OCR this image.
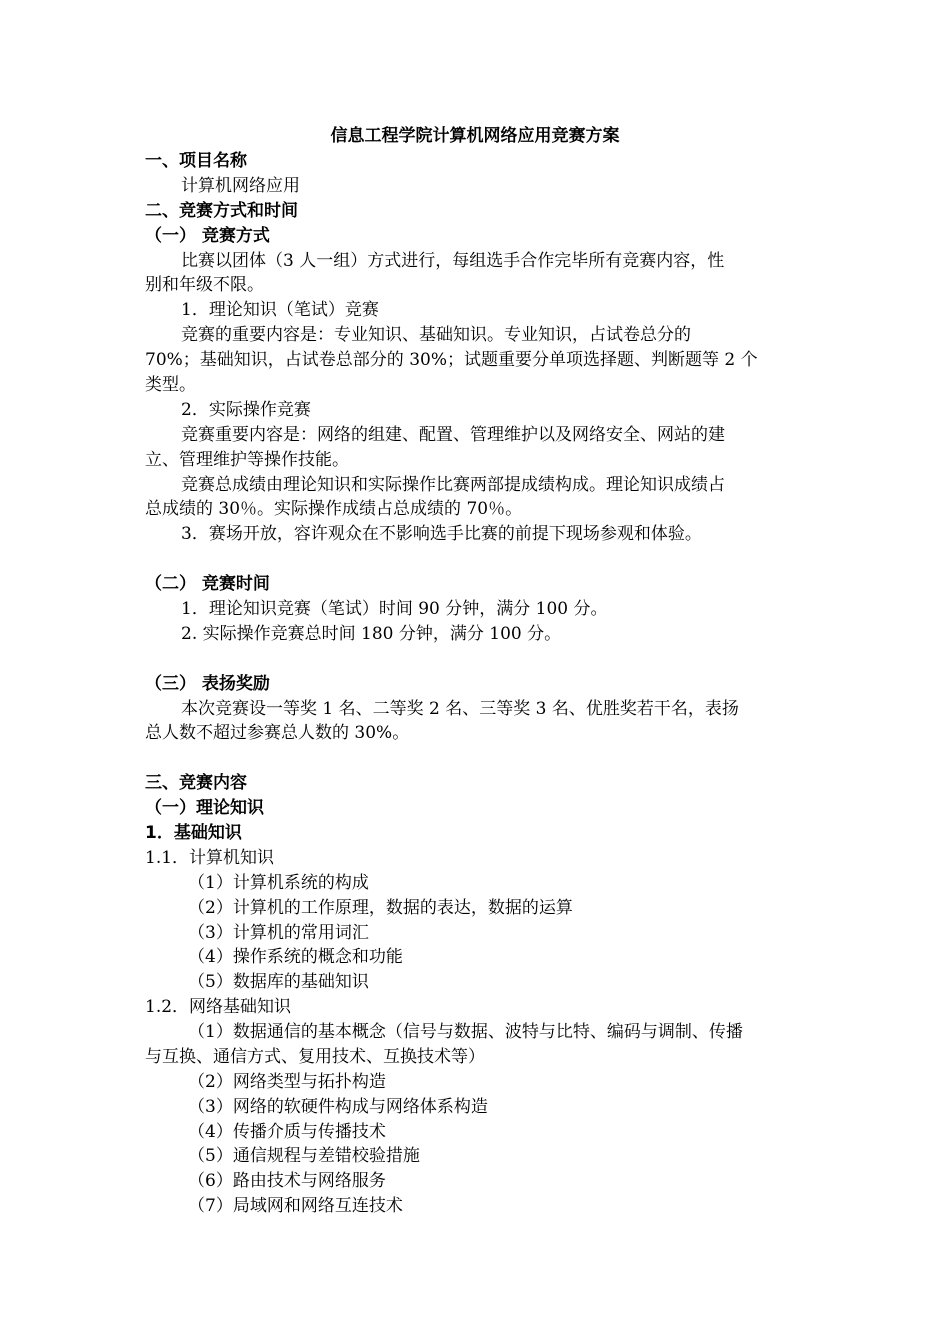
信息工程学院计算机网络应用竞赛方案
一、项目名称
计算机网络应用
二、竞赛方式和时间
（一） 竞赛方式
比赛以团体（3 人一组）方式进行，每组选手合作完毕所有竞赛内容，性
别和年级不限。
1．理论知识（笔试）竞赛
竞赛的重要内容是：专业知识、基础知识。专业知识，占试卷总分的
70%；基础知识，占试卷总部分的 30%；试题重要分单项选择题、判断题等 2 个
类型。
2．实际操作竞赛
竞赛重要内容是：网络的组建、配置、管理维护以及网络安全、网站的建
立、管理维护等操作技能。
竞赛总成绩由理论知识和实际操作比赛两部提成绩构成。理论知识成绩占
总成绩的 30％。实际操作成绩占总成绩的 70％。
3．赛场开放，容许观众在不影响选手比赛的前提下现场参观和体验。
（二） 竞赛时间
1．理论知识竞赛（笔试）时间 90 分钟，满分 100 分。
2. 实际操作竞赛总时间 180 分钟，满分 100 分。
（三） 表扬奖励
本次竞赛设一等奖 1 名、二等奖 2 名、三等奖 3 名、优胜奖若干名，表扬
总人数不超过参赛总人数的 30%。
三、竞赛内容
（一）理论知识
1．基础知识
1.1．计算机知识
（1）计算机系统的构成
（2）计算机的工作原理，数据的表达，数据的运算
（3）计算机的常用词汇
（4）操作系统的概念和功能
（5）数据库的基础知识
1.2．网络基础知识
（1）数据通信的基本概念（信号与数据、波特与比特、编码与调制、传播
与互换、通信方式、复用技术、互换技术等）
（2）网络类型与拓扑构造
（3）网络的软硬件构成与网络体系构造
（4）传播介质与传播技术
（5）通信规程与差错校验措施
（6）路由技术与网络服务
（7）局域网和网络互连技术
